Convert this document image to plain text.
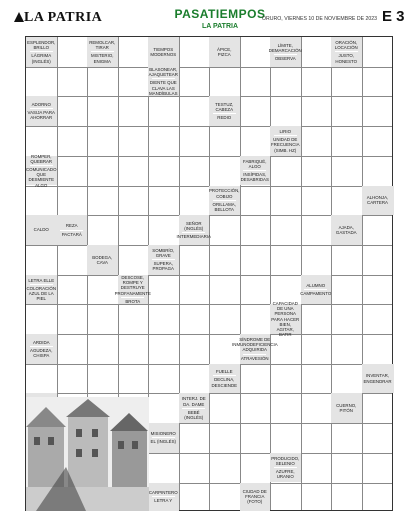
LA PATRIA	PASATIEMPOS
LA PATRIA
ORURO, VIERNES 10 DE NOVIEMBRE DE 2023 E 3
ESPLENDOR, BRILLO
LÁGRIMA (INGLÉS)
REMOLCAR, TIRAR
MISTERIO, ENIGMA
TIEMPOS MODERNOS
ÁPICE, PIZCA
LÍMITE, DEMARCACIÓN
OBSERVA
ORACIÓN, LOCACIÓN
JUSTO, HONESTO
BLASONEAR, AJAQUETEAR
DIENTE QUE CLAVA LAS MANDÍBULAS
ADORNO
VASIJA PARA AHORRAR
TESTUZ, CABEZA
REDIO
LIRIO
UNIDAD DE FRECUENCIA (SIMB. HZ)
ROMPER, QUEBRAR
COMUNICADO QUE DESMIENTE ALGO
FABRIQUÉ, ALGO
INSÍPIDAS, DESABRIDAS
PROTECCIÓN, COBIJO
ORILLAMA, BELLOTA
ALHONJA, CARTERA
CALDO
REZA
PACTARÁ
SEÑOR (INGLÉS)
INTERMEDIARIA
AJADA, GASTADA
BODEGA, CAVA
SOMBRÍO, GRAVE
SUPERA, PROPAGA
LETRA ELLE
COLORACIÓN AZUL DE LA PIEL
DESCOSE, ROMPE Y DESTRUYE PROFANAMENTE
BROTA
ALUMNO
CAMPAMENTO
CAPACIDAD DE UNA PERSONA PARA HACER BIEN, AGITAR, BATIR
ARDIDA
AGUDEZA, CHISPA
SÍNDROME DE INMUNODEFICIENCIA ADQUIRIDA
ATRAVESIÓN
FUELLE
DECLINA, DESCIENDE
INVENTAR, ENGENDRAR
INTERJ. DE DA. DAME
BEBÉ (INGLÉS)
CUERNO, PITÓN
MISIONERO
EL (INGLÉS)
PRODUCIDO, SELENIO
AZUFRE, URANIO
CARPINTERO
LETRA Y
CIUDAD DE FRANCIA (FOTO)
